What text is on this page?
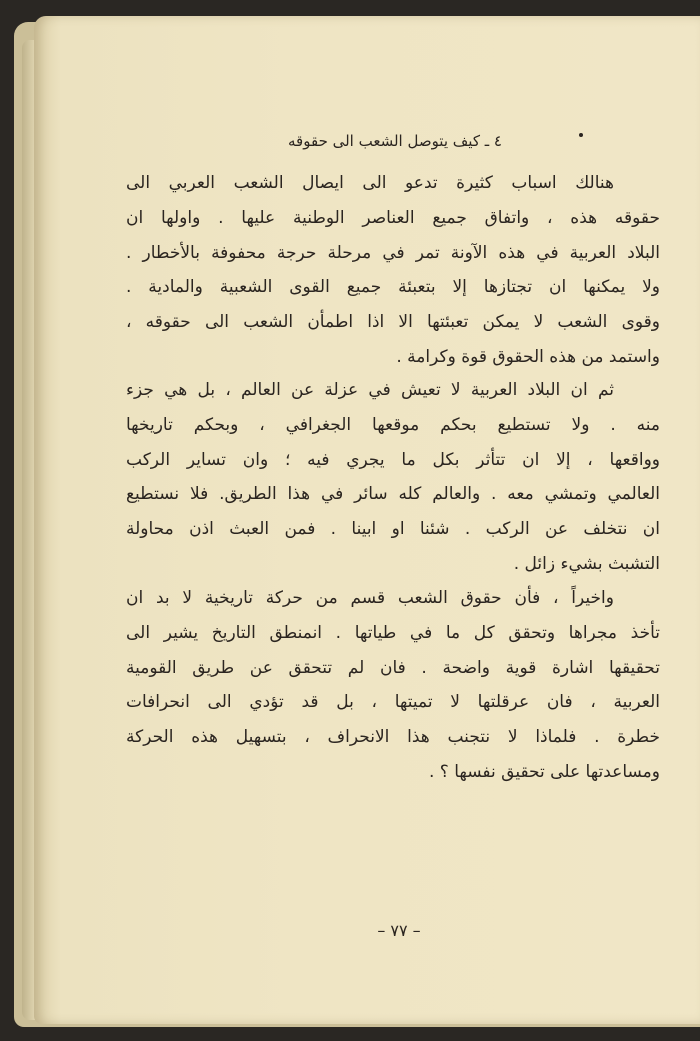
٤ ـ كيف يتوصل الشعب الى حقوقه
هنالك اسباب كثيرة تدعو الى ايصال الشعب العربي الى
حقوقه هذه ، واتفاق جميع العناصر الوطنية عليها . واولها ان
البلاد العربية في هذه الآونة تمر في مرحلة حرجة محفوفة بالأخطار .
ولا يمكنها ان تجتازها إلا بتعبئة جميع القوى الشعبية والمادية .
وقوى الشعب لا يمكن تعبئتها الا اذا اطمأن الشعب الى حقوقه ،
واستمد من هذه الحقوق قوة وكرامة .
ثم ان البلاد العربية لا تعيش في عزلة عن العالم ، بل هي جزء
منه . ولا تستطيع بحكم موقعها الجغرافي ، وبحكم تاريخها
وواقعها ، إلا ان تتأثر بكل ما يجري فيه ؛ وان تساير الركب
العالمي وتمشي معه . والعالم كله سائر في هذا الطريق. فلا نستطيع
ان نتخلف عن الركب . شئنا او ابينا . فمن العبث اذن محاولة
التشبث بشيء زائل .
واخيراً ، فأن حقوق الشعب قسم من حركة تاريخية لا بد ان
تأخذ مجراها وتحقق كل ما في طياتها . انمنطق التاريخ يشير الى
تحقيقها اشارة قوية واضحة . فان لم تتحقق عن طريق القومية
العربية ، فان عرقلتها لا تميتها ، بل قد تؤدي الى انحرافات
خطرة . فلماذا لا نتجنب هذا الانحراف ، بتسهيل هذه الحركة
ومساعدتها على تحقيق نفسها ؟ .
– ٧٧ –
